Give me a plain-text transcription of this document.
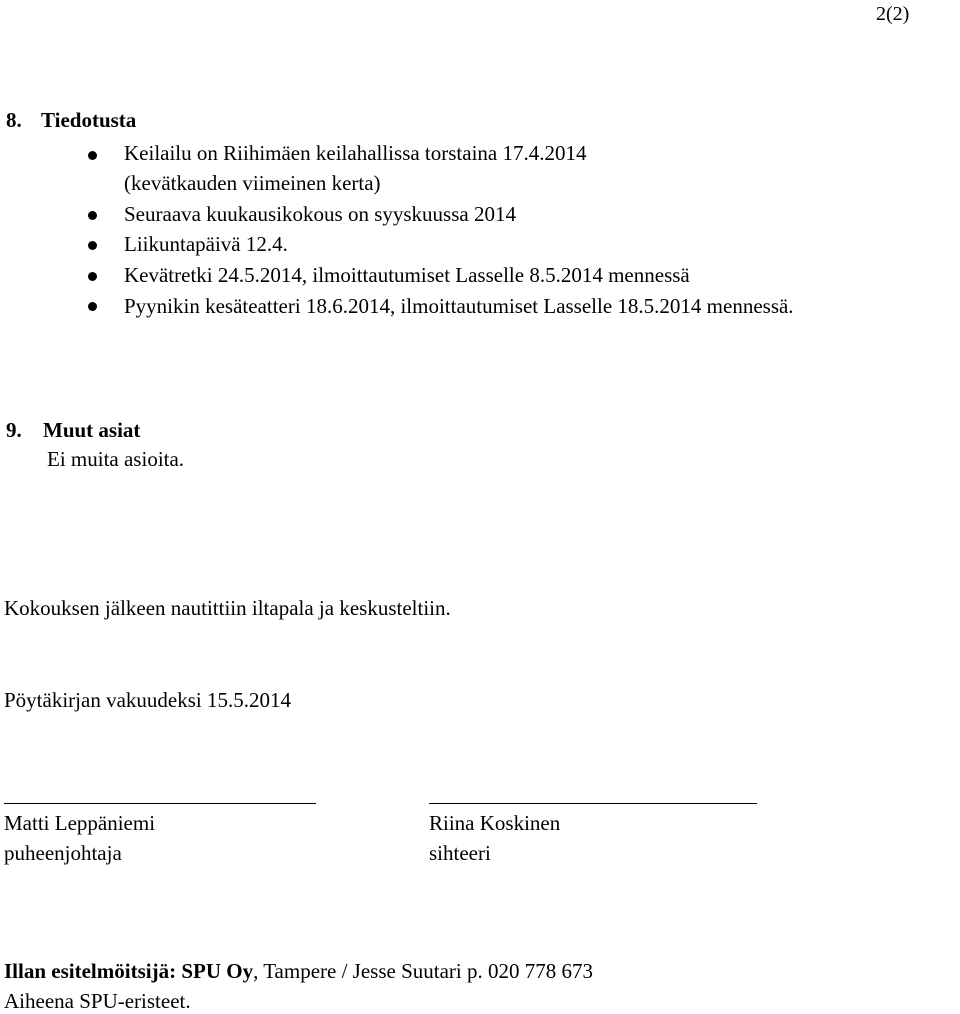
2(2)
8. Tiedotusta
Keilailu on Riihimäen keilahallissa torstaina 17.4.2014
(kevätkauden viimeinen kerta)
Seuraava kuukausikokous on syyskuussa 2014
Liikuntapäivä 12.4.
Kevätretki 24.5.2014, ilmoittautumiset Lasselle 8.5.2014 mennessä
Pyynikin kesäteatteri 18.6.2014, ilmoittautumiset Lasselle 18.5.2014 mennessä.
9. Muut asiat
Ei muita asioita.
Kokouksen jälkeen nautittiin iltapala ja keskusteltiin.
Pöytäkirjan vakuudeksi 15.5.2014
Matti Leppäniemi
puheenjohtaja
Riina Koskinen
sihteeri
Illan esitelmöitsijä: SPU Oy, Tampere / Jesse Suutari p. 020 778 673
Aiheena SPU-eristeet.
